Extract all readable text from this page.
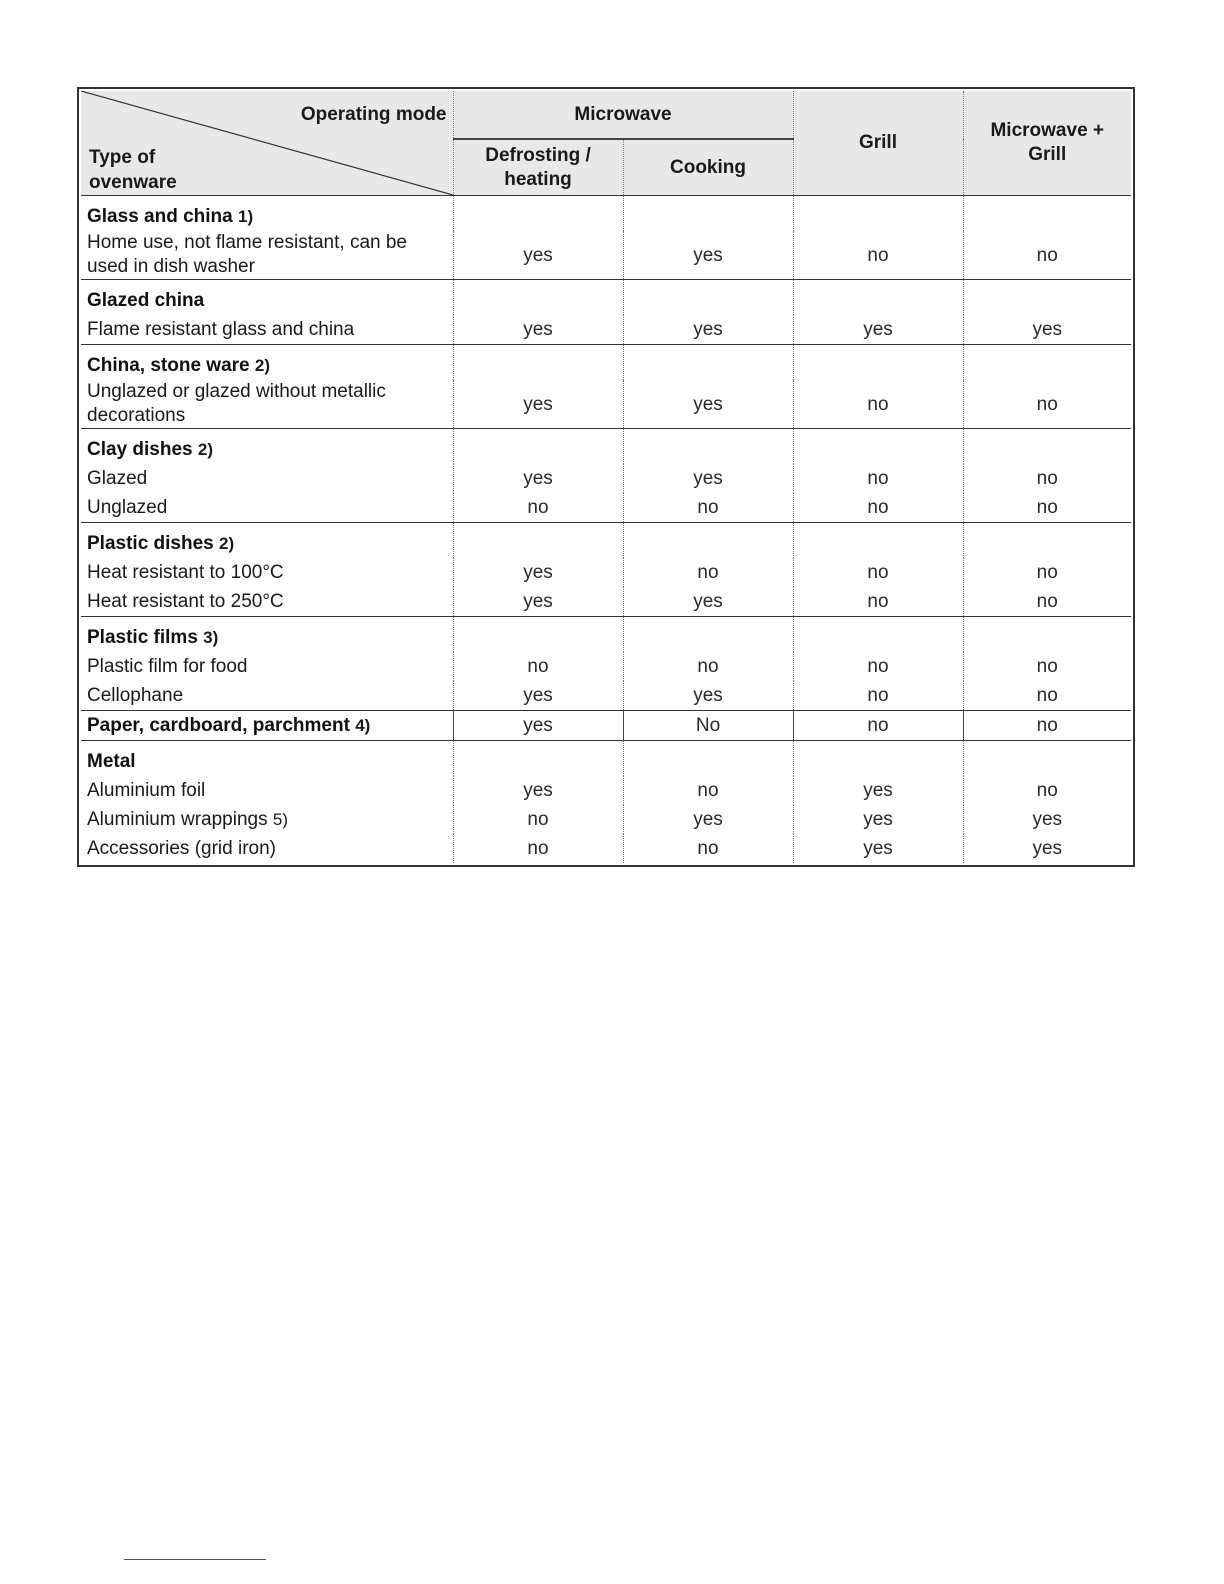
Operating mode
Type of
ovenware	Microwave		Grill	Microwave +
Grill
	Defrosting /
heating	Cooking		
Glass and china 1)				
Home use, not flame resistant, can be used in dish washer	yes	yes	no	no
Glazed china				
Flame resistant glass and china	yes	yes	yes	yes
China, stone ware 2)				
Unglazed or glazed without metallic decorations	yes	yes	no	no
Clay dishes 2)				
Glazed	yes	yes	no	no
Unglazed	no	no	no	no
Plastic dishes 2)				
Heat resistant to 100°C	yes	no	no	no
Heat resistant to 250°C	yes	yes	no	no
Plastic films 3)				
Plastic film for food	no	no	no	no
Cellophane	yes	yes	no	no
Paper, cardboard, parchment 4)	yes	No	no	no
Metal				
Aluminium foil	yes	no	yes	no
Aluminium wrappings 5)	no	yes	yes	yes
Accessories (grid iron)	no	no	yes	yes
